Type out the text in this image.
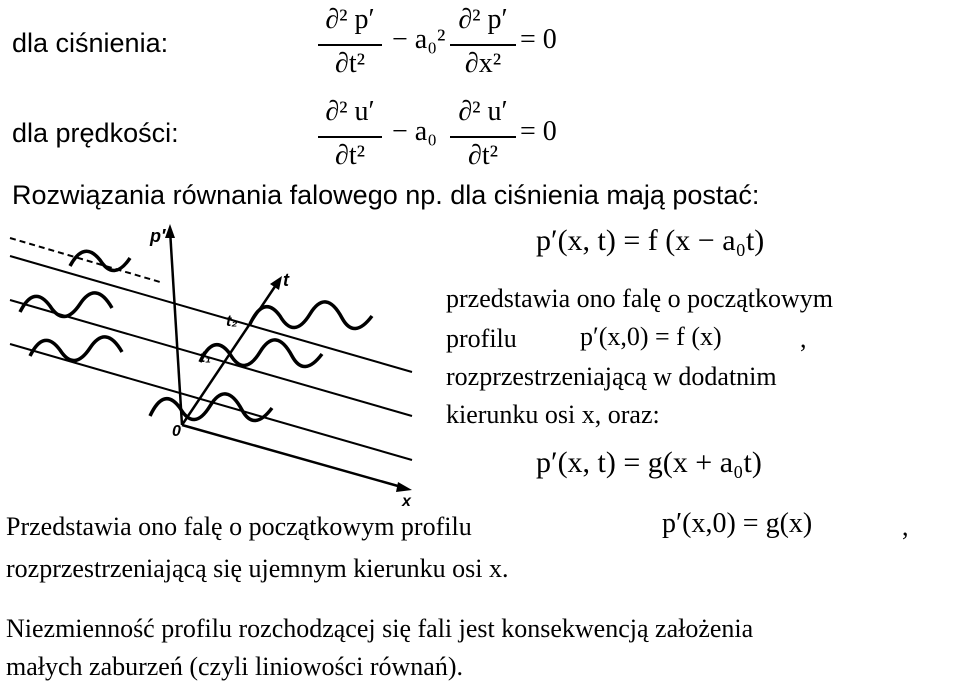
dla ciśnienia:
∂² p′
∂t²
− a₀²
∂² p′
∂x²
= 0
dla prędkości:
∂² u′
∂t²
− a₀
∂² u′
∂t²
= 0
Rozwiązania równania falowego np. dla ciśnienia mają postać:
p′(x, t) = f (x − a₀t)
p′
t
x
0
t₁
t₂
przedstawia ono falę o początkowym
profilu p′(x,0) = f (x)	,
rozprzestrzeniającą w dodatnim
kierunku osi x, oraz:
p′(x, t) = g(x + a₀t)
Przedstawia ono falę o początkowym profilu	p′(x,0) = g(x)	,
rozprzestrzeniającą się ujemnym kierunku osi x.
Niezmienność profilu rozchodzącej się fali jest konsekwencją założenia
małych zaburzeń (czyli liniowości równań).
